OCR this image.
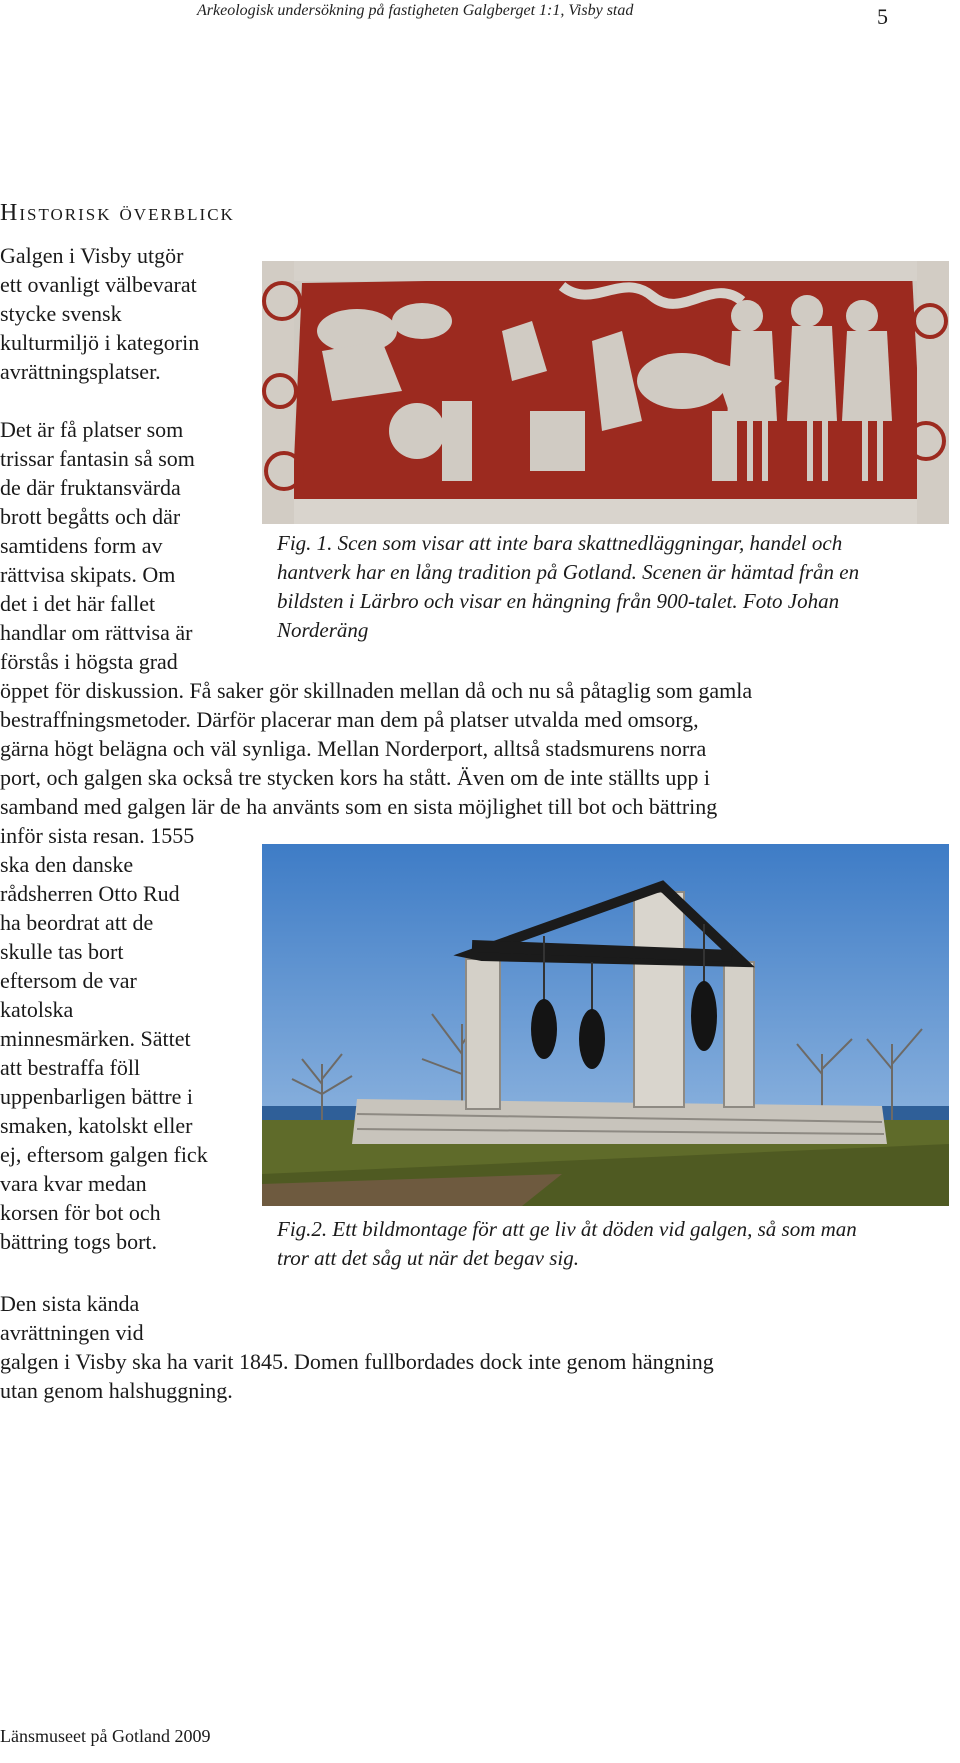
Arkeologisk undersökning på fastigheten Galgberget 1:1, Visby stad	5
Historisk överblick
Galgen i Visby utgör
ett ovanligt välbevarat
stycke svensk
kulturmiljö i kategorin
avrättningsplatser.
Det är få platser som
trissar fantasin så som
de där fruktansvärda
brott begåtts och där
samtidens form av
rättvisa skipats. Om
det i det här fallet
handlar om rättvisa är
förstås i högsta grad
öppet för diskussion. Få saker gör skillnaden mellan då och nu så påtaglig som gamla
bestraffningsmetoder. Därför placerar man dem på platser utvalda med omsorg,
gärna högt belägna och väl synliga. Mellan Norderport, alltså stadsmurens norra
port, och galgen ska också tre stycken kors ha stått. Även om de inte ställts upp i
samband med galgen lär de ha använts som en sista möjlighet till bot och bättring
inför sista resan. 1555
ska den danske
rådsherren Otto Rud
ha beordrat att de
skulle tas bort
eftersom de var
katolska
minnesmärken. Sättet
att bestraffa föll
uppenbarligen bättre i
smaken, katolskt eller
ej, eftersom galgen fick
vara kvar medan
korsen för bot och
bättring togs bort.
Den sista kända
avrättningen vid
galgen i Visby ska ha varit 1845. Domen fullbordades dock inte genom hängning
utan genom halshuggning.
Fig. 1. Scen som visar att inte bara skattnedläggningar, handel och
hantverk har en lång tradition på Gotland. Scenen är hämtad från en
bildsten i Lärbro och visar en hängning från 900-talet. Foto Johan
Norderäng
Fig.2. Ett bildmontage för att ge liv åt döden vid galgen, så som man
tror att det såg ut när det begav sig.
Länsmuseet på Gotland 2009
